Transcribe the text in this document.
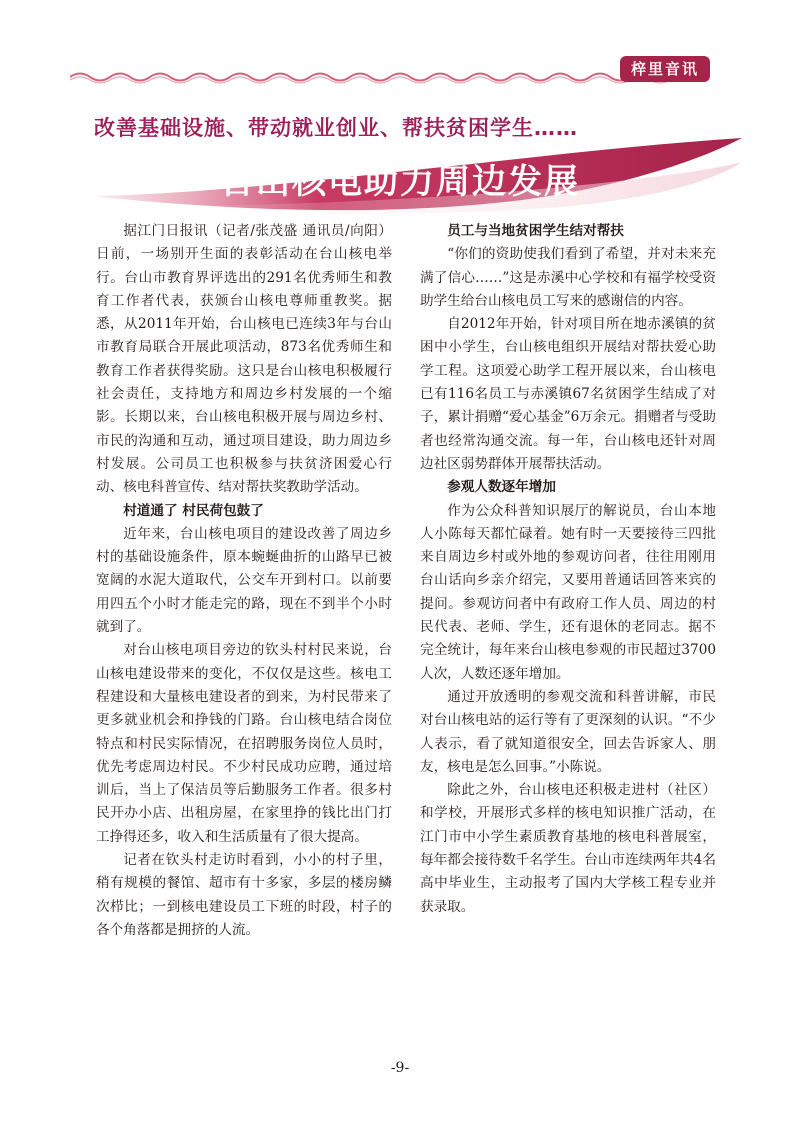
梓里音讯
改善基础设施、带动就业创业、帮扶贫困学生……
台山核电助力周边发展

据江门日报讯（记者/张茂盛 通讯员/向阳）日前，一场别开生面的表彰活动在台山核电举行。台山市教育界评选出的291名优秀师生和教育工作者代表，获颁台山核电尊师重教奖。据悉，从2011年开始，台山核电已连续3年与台山市教育局联合开展此项活动，873名优秀师生和教育工作者获得奖励。这只是台山核电积极履行社会责任，支持地方和周边乡村发展的一个缩影。长期以来，台山核电积极开展与周边乡村、市民的沟通和互动，通过项目建设，助力周边乡村发展。公司员工也积极参与扶贫济困爱心行动、核电科普宣传、结对帮扶奖教助学活动。

村道通了 村民荷包鼓了

近年来，台山核电项目的建设改善了周边乡村的基础设施条件，原本蜿蜒曲折的山路早已被宽阔的水泥大道取代，公交车开到村口。以前要用四五个小时才能走完的路，现在不到半个小时就到了。

对台山核电项目旁边的钦头村村民来说，台山核电建设带来的变化，不仅仅是这些。核电工程建设和大量核电建设者的到来，为村民带来了更多就业机会和挣钱的门路。台山核电结合岗位特点和村民实际情况，在招聘服务岗位人员时，优先考虑周边村民。不少村民成功应聘，通过培训后，当上了保洁员等后勤服务工作者。很多村民开办小店、出租房屋，在家里挣的钱比出门打工挣得还多，收入和生活质量有了很大提高。

记者在钦头村走访时看到，小小的村子里，稍有规模的餐馆、超市有十多家，多层的楼房鳞次栉比；一到核电建设员工下班的时段，村子的各个角落都是拥挤的人流。

员工与当地贫困学生结对帮扶

“你们的资助使我们看到了希望，并对未来充满了信心……”这是赤溪中心学校和有福学校受资助学生给台山核电员工写来的感谢信的内容。

自2012年开始，针对项目所在地赤溪镇的贫困中小学生，台山核电组织开展结对帮扶爱心助学工程。这项爱心助学工程开展以来，台山核电已有116名员工与赤溪镇67名贫困学生结成了对子，累计捐赠“爱心基金”6万余元。捐赠者与受助者也经常沟通交流。每一年，台山核电还针对周边社区弱势群体开展帮扶活动。

参观人数逐年增加

作为公众科普知识展厅的解说员，台山本地人小陈每天都忙碌着。她有时一天要接待三四批来自周边乡村或外地的参观访问者，往往用刚用台山话向乡亲介绍完，又要用普通话回答来宾的提问。参观访问者中有政府工作人员、周边的村民代表、老师、学生，还有退休的老同志。据不完全统计，每年来台山核电参观的市民超过3700人次，人数还逐年增加。

通过开放透明的参观交流和科普讲解，市民对台山核电站的运行等有了更深刻的认识。“不少人表示，看了就知道很安全，回去告诉家人、朋友，核电是怎么回事。”小陈说。

除此之外，台山核电还积极走进村（社区）和学校，开展形式多样的核电知识推广活动，在江门市中小学生素质教育基地的核电科普展室，每年都会接待数千名学生。台山市连续两年共4名高中毕业生，主动报考了国内大学核工程专业并获录取。

-9-
